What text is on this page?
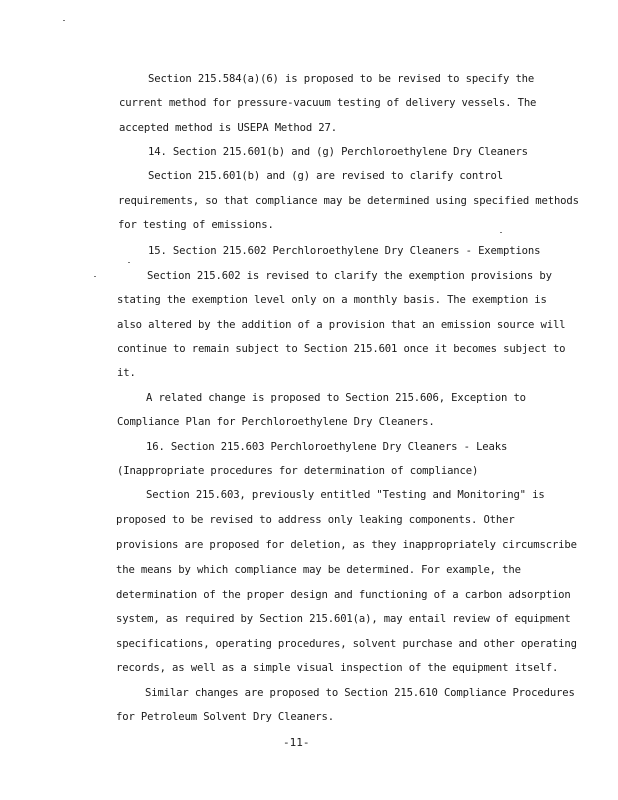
Section 215.584(a)(6) is proposed to be revised to specify the

current method for pressure-vacuum testing of delivery vessels. The

accepted method is USEPA Method 27.

14. Section 215.601(b) and (g) Perchloroethylene Dry Cleaners

Section 215.601(b) and (g) are revised to clarify control

requirements, so that compliance may be determined using specified methods

for testing of emissions.

15. Section 215.602 Perchloroethylene Dry Cleaners - Exemptions

Section 215.602 is revised to clarify the exemption provisions by

stating the exemption level only on a monthly basis. The exemption is

also altered by the addition of a provision that an emission source will

continue to remain subject to Section 215.601 once it becomes subject to

it.

A related change is proposed to Section 215.606, Exception to

Compliance Plan for Perchloroethylene Dry Cleaners.

16. Section 215.603 Perchloroethylene Dry Cleaners - Leaks

(Inappropriate procedures for determination of compliance)

Section 215.603, previously entitled "Testing and Monitoring" is

proposed to be revised to address only leaking components. Other

provisions are proposed for deletion, as they inappropriately circumscribe

the means by which compliance may be determined. For example, the

determination of the proper design and functioning of a carbon adsorption

system, as required by Section 215.601(a), may entail review of equipment

specifications, operating procedures, solvent purchase and other operating

records, as well as a simple visual inspection of the equipment itself.

Similar changes are proposed to Section 215.610 Compliance Procedures

for Petroleum Solvent Dry Cleaners.

-11-
